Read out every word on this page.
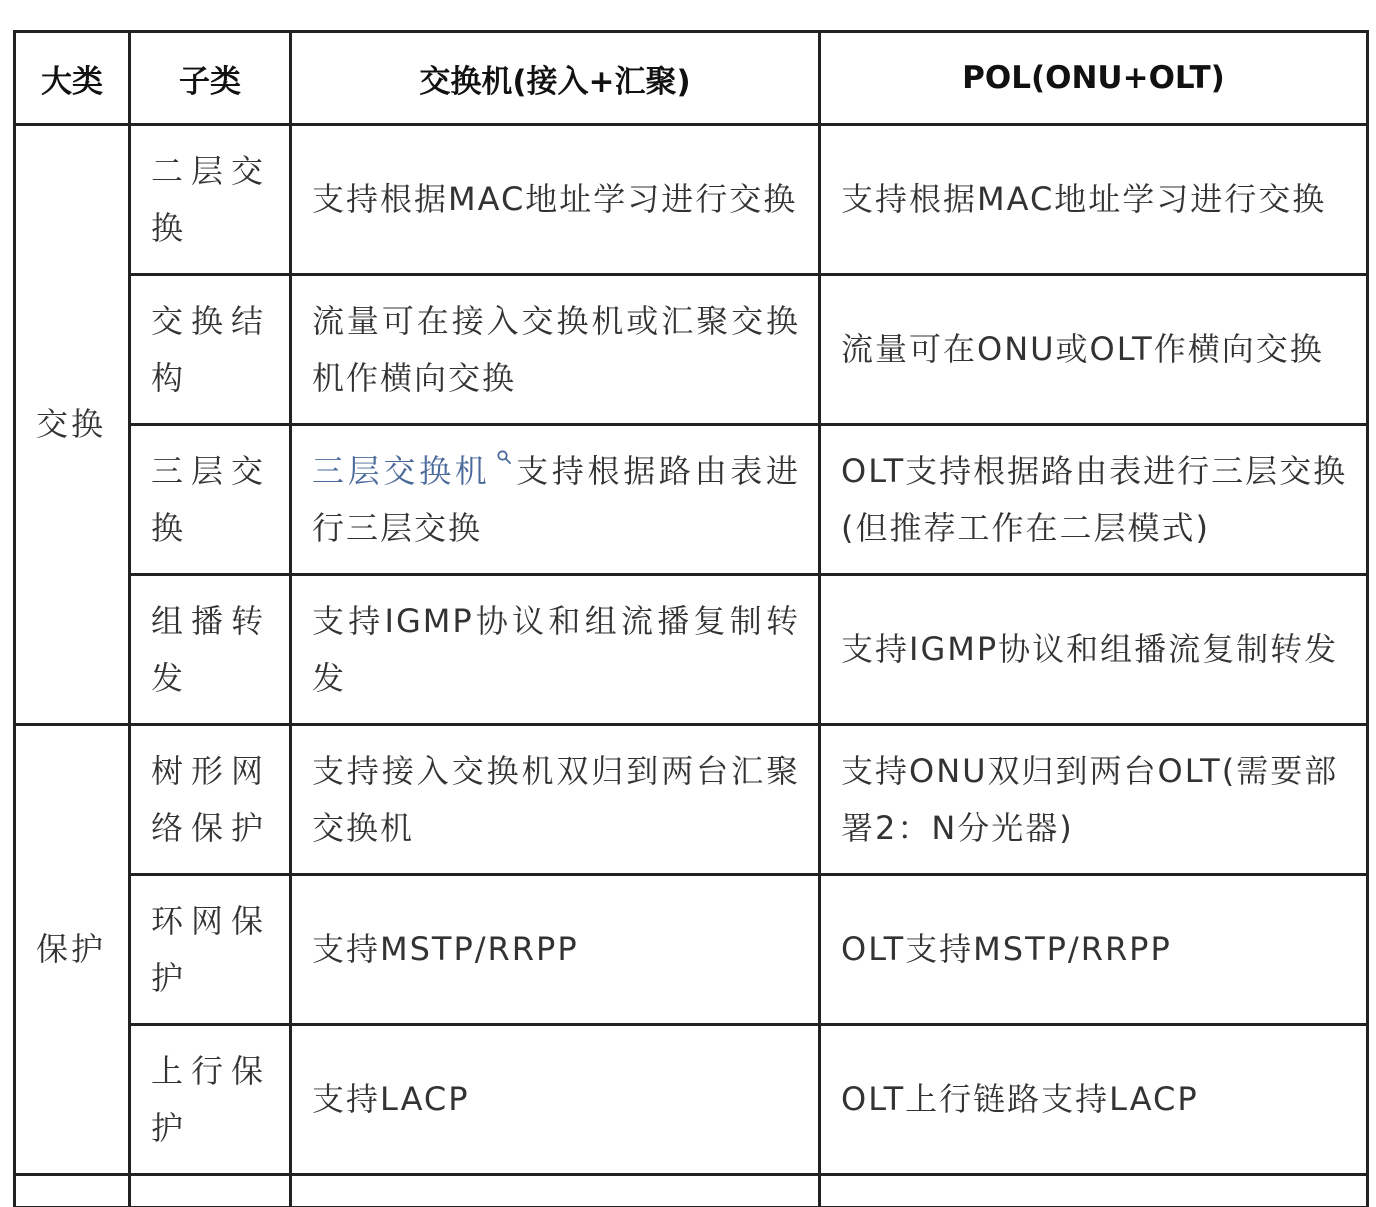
大类	子类	交换机(接入+汇聚)	POL(ONU+OLT)
交换	二层交换	支持根据MAC地址学习进行交换	支持根据MAC地址学习进行交换
	交换结构	流量可在接入交换机或汇聚交换机作横向交换	流量可在ONU或OLT作横向交换
	三层交换	三层交换机 支持根据路由表进行三层交换	OLT支持根据路由表进行三层交换(但推荐工作在二层模式)
	组播转发	支持IGMP协议和组流播复制转发	支持IGMP协议和组播流复制转发
保护	树形网络保护	支持接入交换机双归到两台汇聚交换机	支持ONU双归到两台OLT(需要部署2：N分光器)
	环网保护	支持MSTP/RRPP	OLT支持MSTP/RRPP
	上行保护	支持LACP	OLT上行链路支持LACP
